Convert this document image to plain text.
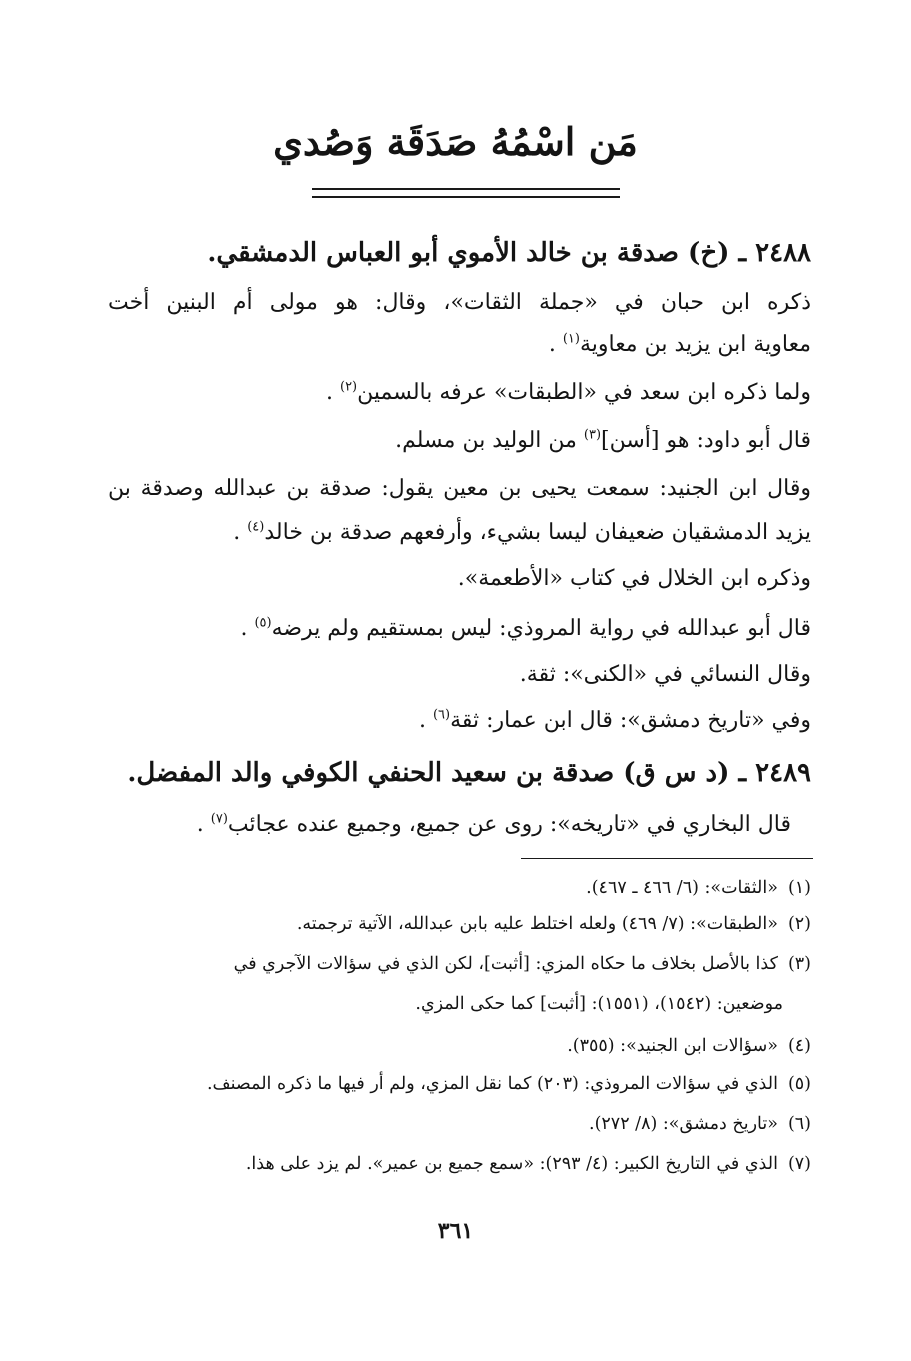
مَن اسْمُهُ صَدَقَة وَصُدي
٢٤٨٨ ـ (خ) صدقة بن خالد الأموي أبو العباس الدمشقي.
ذكره ابن حبان في «جملة الثقات»، وقال: هو مولى أم البنين أخت
معاوية ابن يزيد بن معاوية$^{(١)}$ .
ولما ذكره ابن سعد في «الطبقات» عرفه بالسمين$^{(٢)}$ .
قال أبو داود: هو [أسن]$^{(٣)}$ من الوليد بن مسلم.
وقال ابن الجنيد: سمعت يحيى بن معين يقول: صدقة بن عبدالله وصدقة بن
يزيد الدمشقيان ضعيفان ليسا بشيء، وأرفعهم صدقة بن خالد$^{(٤)}$ .
وذكره ابن الخلال في كتاب «الأطعمة».
قال أبو عبدالله في رواية المروذي: ليس بمستقيم ولم يرضه$^{(٥)}$ .
وقال النسائي في «الكنى»: ثقة.
وفي «تاريخ دمشق»: قال ابن عمار: ثقة$^{(٦)}$ .
٢٤٨٩ ـ (د س ق) صدقة بن سعيد الحنفي الكوفي والد المفضل.
قال البخاري في «تاريخه»: روى عن جميع، وجميع عنده عجائب$^{(٧)}$ .
(١)«الثقات»: (٦/ ٤٦٦ ـ ٤٦٧).
(٢)«الطبقات»: (٧/ ٤٦٩) ولعله اختلط عليه بابن عبدالله، الآتية ترجمته.
(٣)كذا بالأصل بخلاف ما حكاه المزي: [أثبت]، لكن الذي في سؤالات الآجري في
موضعين: (١٥٤٢)، (١٥٥١): [أثبت] كما حكى المزي.
(٤)«سؤالات ابن الجنيد»: (٣٥٥).
(٥)الذي في سؤالات المروذي: (٢٠٣) كما نقل المزي، ولم أر فيها ما ذكره المصنف.
(٦)«تاريخ دمشق»: (٨/ ٢٧٢).
(٧)الذي في التاريخ الكبير: (٤/ ٢٩٣): «سمع جميع بن عمير». لم يزد على هذا.
٣٦١
